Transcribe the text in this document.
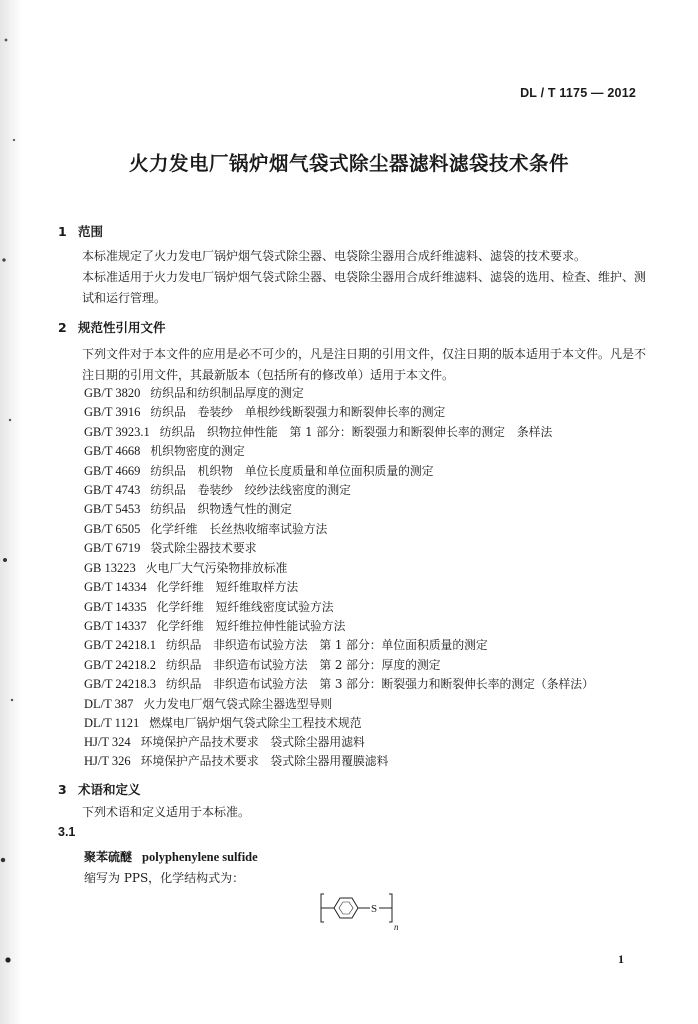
DL / T 1175 — 2012
火力发电厂锅炉烟气袋式除尘器滤料滤袋技术条件
1 范围
本标准规定了火力发电厂锅炉烟气袋式除尘器、电袋除尘器用合成纤维滤料、滤袋的技术要求。
本标准适用于火力发电厂锅炉烟气袋式除尘器、电袋除尘器用合成纤维滤料、滤袋的选用、检查、维护、测试和运行管理。
2 规范性引用文件
下列文件对于本文件的应用是必不可少的，凡是注日期的引用文件，仅注日期的版本适用于本文件。凡是不注日期的引用文件，其最新版本（包括所有的修改单）适用于本文件。
GB/T 3820 纺织品和纺织制品厚度的测定
GB/T 3916 纺织品　卷装纱　单根纱线断裂强力和断裂伸长率的测定
GB/T 3923.1 纺织品　织物拉伸性能　第 1 部分：断裂强力和断裂伸长率的测定　条样法
GB/T 4668 机织物密度的测定
GB/T 4669 纺织品　机织物　单位长度质量和单位面积质量的测定
GB/T 4743 纺织品　卷装纱　绞纱法线密度的测定
GB/T 5453 纺织品　织物透气性的测定
GB/T 6505 化学纤维　长丝热收缩率试验方法
GB/T 6719 袋式除尘器技术要求
GB 13223 火电厂大气污染物排放标准
GB/T 14334 化学纤维　短纤维取样方法
GB/T 14335 化学纤维　短纤维线密度试验方法
GB/T 14337 化学纤维　短纤维拉伸性能试验方法
GB/T 24218.1 纺织品　非织造布试验方法　第 1 部分：单位面积质量的测定
GB/T 24218.2 纺织品　非织造布试验方法　第 2 部分：厚度的测定
GB/T 24218.3 纺织品　非织造布试验方法　第 3 部分：断裂强力和断裂伸长率的测定（条样法）
DL/T 387 火力发电厂烟气袋式除尘器选型导则
DL/T 1121 燃煤电厂锅炉烟气袋式除尘工程技术规范
HJ/T 324 环境保护产品技术要求　袋式除尘器用滤料
HJ/T 326 环境保护产品技术要求　袋式除尘器用覆膜滤料
3 术语和定义
下列术语和定义适用于本标准。
3.1
聚苯硫醚 polyphenylene sulfide
缩写为 PPS，化学结构式为：
S
n
1
